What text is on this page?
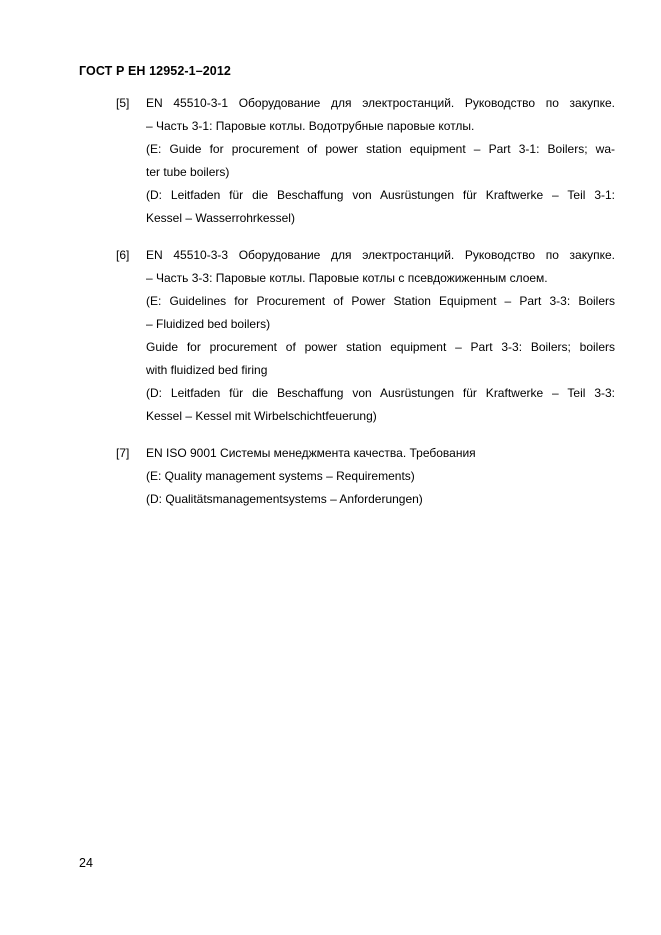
ГОСТ Р ЕН 12952-1–2012
[5] EN 45510-3-1 Оборудование для электростанций. Руководство по закупке.
– Часть 3-1: Паровые котлы. Водотрубные паровые котлы.
(E: Guide for procurement of power station equipment – Part 3-1: Boilers; wa-
ter tube boilers)
(D: Leitfaden für die Beschaffung von Ausrüstungen für Kraftwerke – Teil 3-1:
Kessel – Wasserrohrkessel)
[6] EN 45510-3-3 Оборудование для электростанций. Руководство по закупке.
– Часть 3-3: Паровые котлы. Паровые котлы с псевдожиженным слоем.
(E: Guidelines for Procurement of Power Station Equipment – Part 3-3: Boilers
– Fluidized bed boilers)
Guide for procurement of power station equipment – Part 3-3: Boilers; boilers
with fluidized bed firing
(D: Leitfaden für die Beschaffung von Ausrüstungen für Kraftwerke – Teil 3-3:
Kessel – Kessel mit Wirbelschichtfeuerung)
[7] EN ISO 9001 Системы менеджмента качества. Требования
(E: Quality management systems – Requirements)
(D: Qualitätsmanagementsystems – Anforderungen)
24
